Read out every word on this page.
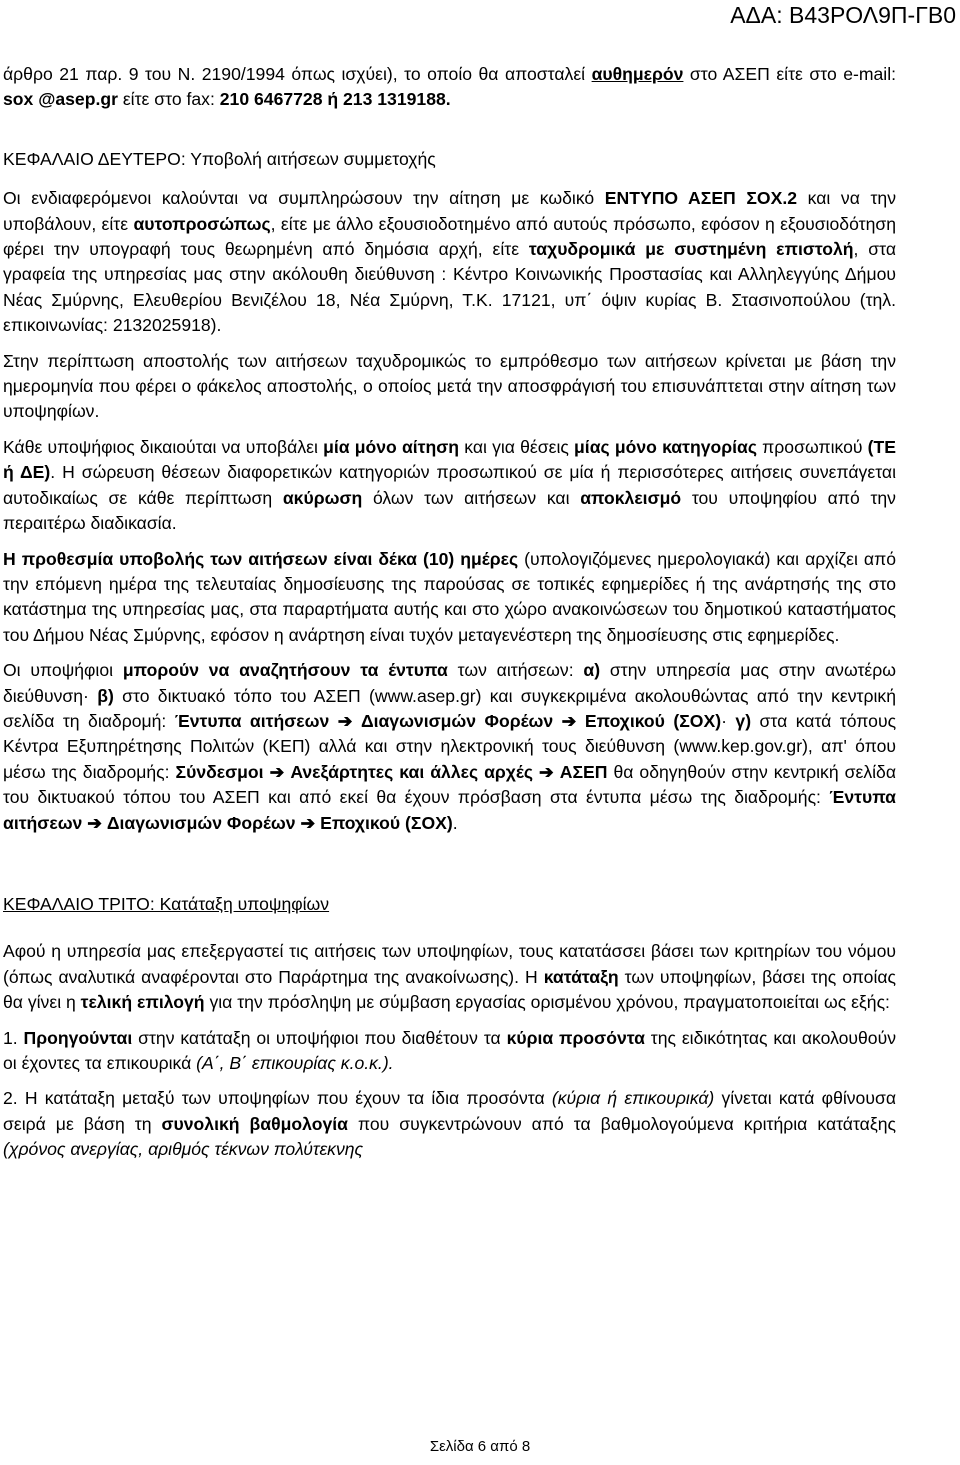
ΑΔΑ: Β43ΡΟΛ9Π-ΓΒ0

άρθρο 21 παρ. 9 του Ν. 2190/1994 όπως ισχύει), το οποίο θα αποσταλεί αυθημερόν στο ΑΣΕΠ είτε στο e-mail: sox @asep.gr είτε στο fax: 210 6467728 ή 213 1319188.

ΚΕΦΑΛΑΙΟ ΔΕΥΤΕΡΟ: Υποβολή αιτήσεων συμμετοχής

Οι ενδιαφερόμενοι καλούνται να συμπληρώσουν την αίτηση με κωδικό ΕΝΤΥΠΟ ΑΣΕΠ ΣΟΧ.2 και να την υποβάλουν, είτε αυτοπροσώπως, είτε με άλλο εξουσιοδοτημένο από αυτούς πρόσωπο, εφόσον η εξουσιοδότηση φέρει την υπογραφή τους θεωρημένη από δημόσια αρχή, είτε ταχυδρομικά με συστημένη επιστολή, στα γραφεία της υπηρεσίας μας στην ακόλουθη διεύθυνση : Κέντρο Κοινωνικής Προστασίας και Αλληλεγγύης Δήμου Νέας Σμύρνης, Ελευθερίου Βενιζέλου 18, Νέα Σμύρνη, Τ.Κ. 17121, υπ΄ όψιν κυρίας Β. Στασινοπούλου (τηλ. επικοινωνίας: 2132025918).

Στην περίπτωση αποστολής των αιτήσεων ταχυδρομικώς το εμπρόθεσμο των αιτήσεων κρίνεται με βάση την ημερομηνία που φέρει ο φάκελος αποστολής, ο οποίος μετά την αποσφράγισή του επισυνάπτεται στην αίτηση των υποψηφίων.

Κάθε υποψήφιος δικαιούται να υποβάλει μία μόνο αίτηση και για θέσεις μίας μόνο κατηγορίας προσωπικού (ΤΕ ή ΔΕ). Η σώρευση θέσεων διαφορετικών κατηγοριών προσωπικού σε μία ή περισσότερες αιτήσεις συνεπάγεται αυτοδικαίως σε κάθε περίπτωση ακύρωση όλων των αιτήσεων και αποκλεισμό του υποψηφίου από την περαιτέρω διαδικασία.

Η προθεσμία υποβολής των αιτήσεων είναι δέκα (10) ημέρες (υπολογιζόμενες ημερολογιακά) και αρχίζει από την επόμενη ημέρα της τελευταίας δημοσίευσης της παρούσας σε τοπικές εφημερίδες ή της ανάρτησής της στο κατάστημα της υπηρεσίας μας, στα παραρτήματα αυτής και στο χώρο ανακοινώσεων του δημοτικού καταστήματος του Δήμου Νέας Σμύρνης, εφόσον η ανάρτηση είναι τυχόν μεταγενέστερη της δημοσίευσης στις εφημερίδες.

Οι υποψήφιοι μπορούν να αναζητήσουν τα έντυπα των αιτήσεων: α) στην υπηρεσία μας στην ανωτέρω διεύθυνση· β) στο δικτυακό τόπο του ΑΣΕΠ (www.asep.gr) και συγκεκριμένα ακολουθώντας από την κεντρική σελίδα τη διαδρομή: Έντυπα αιτήσεων ➔ Διαγωνισμών Φορέων ➔ Εποχικού (ΣΟΧ)· γ) στα κατά τόπους Κέντρα Εξυπηρέτησης Πολιτών (ΚΕΠ) αλλά και στην ηλεκτρονική τους διεύθυνση (www.kep.gov.gr), απ' όπου μέσω της διαδρομής: Σύνδεσμοι ➔ Ανεξάρτητες και άλλες αρχές ➔ ΑΣΕΠ θα οδηγηθούν στην κεντρική σελίδα του δικτυακού τόπου του ΑΣΕΠ και από εκεί θα έχουν πρόσβαση στα έντυπα μέσω της διαδρομής: Έντυπα αιτήσεων ➔ Διαγωνισμών Φορέων ➔ Εποχικού (ΣΟΧ).

ΚΕΦΑΛΑΙΟ ΤΡΙΤΟ: Κατάταξη υποψηφίων

Αφού η υπηρεσία μας επεξεργαστεί τις αιτήσεις των υποψηφίων, τους κατατάσσει βάσει των κριτηρίων του νόμου (όπως αναλυτικά αναφέρονται στο Παράρτημα της ανακοίνωσης). Η κατάταξη των υποψηφίων, βάσει της οποίας θα γίνει η τελική επιλογή για την πρόσληψη με σύμβαση εργασίας ορισμένου χρόνου, πραγματοποιείται ως εξής:

1. Προηγούνται στην κατάταξη οι υποψήφιοι που διαθέτουν τα κύρια προσόντα της ειδικότητας και ακολουθούν οι έχοντες τα επικουρικά (Α΄, Β΄ επικουρίας κ.ο.κ.).

2. Η κατάταξη μεταξύ των υποψηφίων που έχουν τα ίδια προσόντα (κύρια ή επικουρικά) γίνεται κατά φθίνουσα σειρά με βάση τη συνολική βαθμολογία που συγκεντρώνουν από τα βαθμολογούμενα κριτήρια κατάταξης (χρόνος ανεργίας, αριθμός τέκνων πολύτεκνης

Σελίδα 6 από 8
